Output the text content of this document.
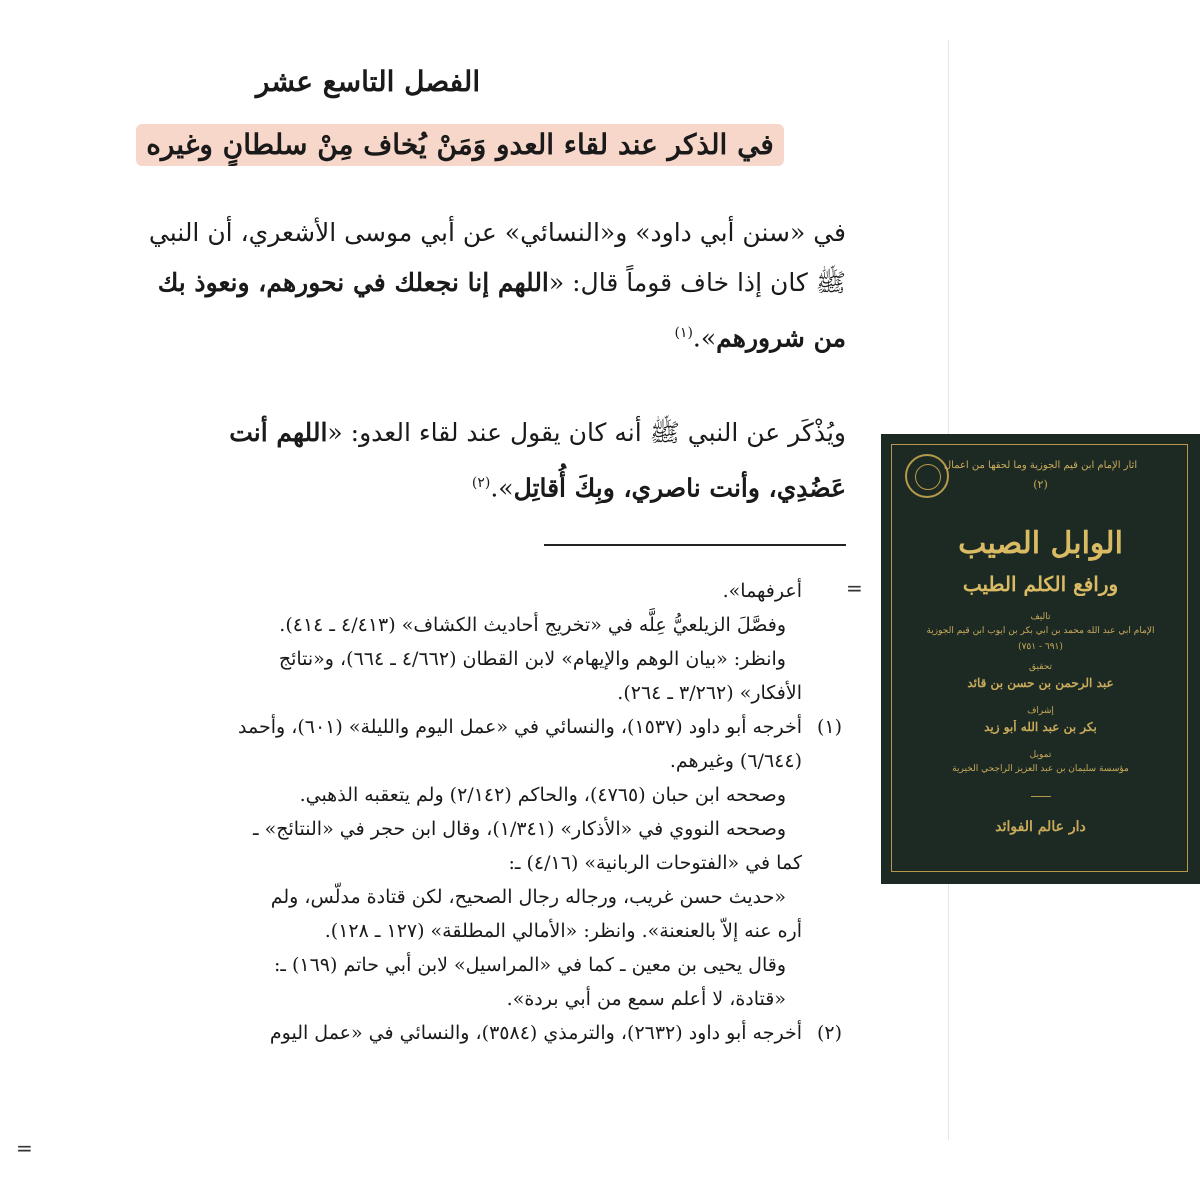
الفصل التاسع عشر
في الذكر عند لقاء العدو وَمَنْ يُخاف مِنْ سلطانٍ وغيره
في «سنن أبي داود» و«النسائي» عن أبي موسى الأشعري، أن النبي
ﷺ كان إذا خاف قوماً قال: «اللهم إنا نجعلك في نحورهم، ونعوذ بك
من شرورهم».$^{(١)}$
ويُذْكَر عن النبي ﷺ أنه كان يقول عند لقاء العدو: «اللهم أنت
عَضُدِي، وأنت ناصري، وبِكَ أُقاتِل».$^{(٢)}$
=
أعرفهما».
وفصَّلَ الزيلعيُّ عِلَّه في «تخريج أحاديث الكشاف» (٤/٤١٣ ـ ٤١٤).
وانظر: «بيان الوهم والإيهام» لابن القطان (٤/٦٦٢ ـ ٦٦٤)، و«نتائج
الأفكار» (٣/٢٦٢ ـ ٢٦٤).
(١)أخرجه أبو داود (١٥٣٧)، والنسائي في «عمل اليوم والليلة» (٦٠١)، وأحمد
(٦/٦٤٤) وغيرهم.
وصححه ابن حبان (٤٧٦٥)، والحاكم (٢/١٤٢) ولم يتعقبه الذهبي.
وصححه النووي في «الأذكار» (١/٣٤١)، وقال ابن حجر في «النتائج» ـ
كما في «الفتوحات الربانية» (٤/١٦) ـ:
«حديث حسن غريب، ورجاله رجال الصحيح، لكن قتادة مدلّس، ولم
أره عنه إلاّ بالعنعنة». وانظر: «الأمالي المطلقة» (١٢٧ ـ ١٢٨).
وقال يحيى بن معين ـ كما في «المراسيل» لابن أبي حاتم (١٦٩) ـ:
«قتادة، لا أعلم سمع من أبي بردة».
(٢)أخرجه أبو داود (٢٦٣٢)، والترمذي (٣٥٨٤)، والنسائي في «عمل اليوم
=
آثار الإمام ابن قيم الجوزية وما لحقها من أعمال
(٢)
الوابل الصيب
ورافع الكلم الطيب
تأليف
الإمام أبي عبد الله محمد بن أبي بكر بن أيوب ابن قيم الجوزية
(٦٩١ - ٧٥١)
تحقيق
عبد الرحمن بن حسن بن قائد
إشراف
بكر بن عبد الله أبو زيد
تمويل
مؤسسة سليمان بن عبد العزيز الراجحي الخيرية
دار عالم الفوائد
